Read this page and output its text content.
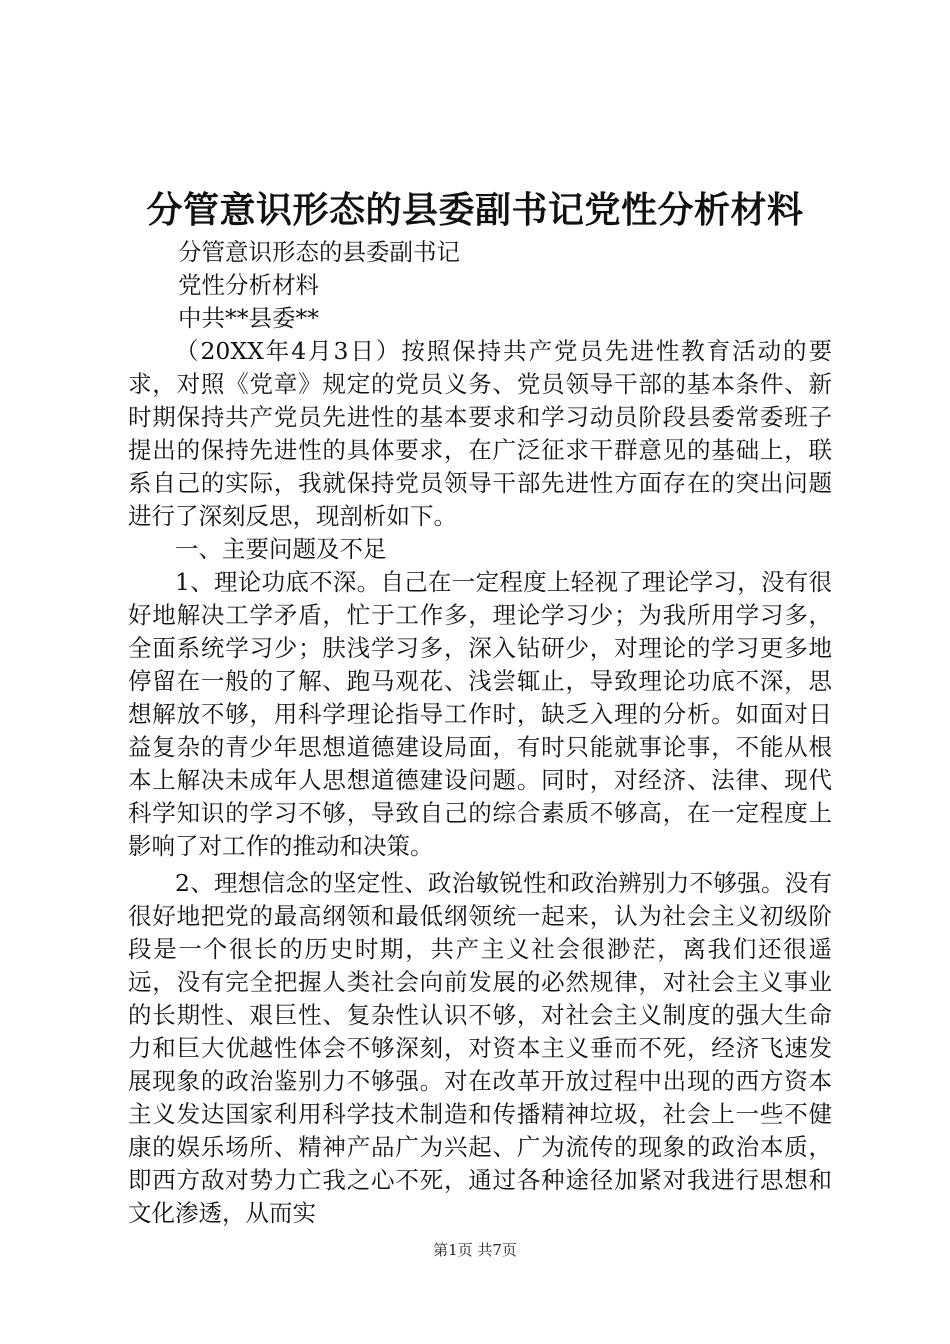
分管意识形态的县委副书记党性分析材料

分管意识形态的县委副书记

党性分析材料

中共**县委**

（20XX年4月3日）按照保持共产党员先进性教育活动的要求，对照《党章》规定的党员义务、党员领导干部的基本条件、新时期保持共产党员先进性的基本要求和学习动员阶段县委常委班子提出的保持先进性的具体要求，在广泛征求干群意见的基础上，联系自己的实际，我就保持党员领导干部先进性方面存在的突出问题进行了深刻反思，现剖析如下。

一、主要问题及不足

1、理论功底不深。自己在一定程度上轻视了理论学习，没有很好地解决工学矛盾，忙于工作多，理论学习少；为我所用学习多，全面系统学习少；肤浅学习多，深入钻研少，对理论的学习更多地停留在一般的了解、跑马观花、浅尝辄止，导致理论功底不深，思想解放不够，用科学理论指导工作时，缺乏入理的分析。如面对日益复杂的青少年思想道德建设局面，有时只能就事论事，不能从根本上解决未成年人思想道德建设问题。同时，对经济、法律、现代科学知识的学习不够，导致自己的综合素质不够高，在一定程度上影响了对工作的推动和决策。

2、理想信念的坚定性、政治敏锐性和政治辨别力不够强。没有很好地把党的最高纲领和最低纲领统一起来，认为社会主义初级阶段是一个很长的历史时期，共产主义社会很渺茫，离我们还很遥远，没有完全把握人类社会向前发展的必然规律，对社会主义事业的长期性、艰巨性、复杂性认识不够，对社会主义制度的强大生命力和巨大优越性体会不够深刻，对资本主义垂而不死，经济飞速发展现象的政治鉴别力不够强。对在改革开放过程中出现的西方资本主义发达国家利用科学技术制造和传播精神垃圾，社会上一些不健康的娱乐场所、精神产品广为兴起、广为流传的现象的政治本质，即西方敌对势力亡我之心不死，通过各种途径加紧对我进行思想和文化渗透，从而实

第1页 共7页
